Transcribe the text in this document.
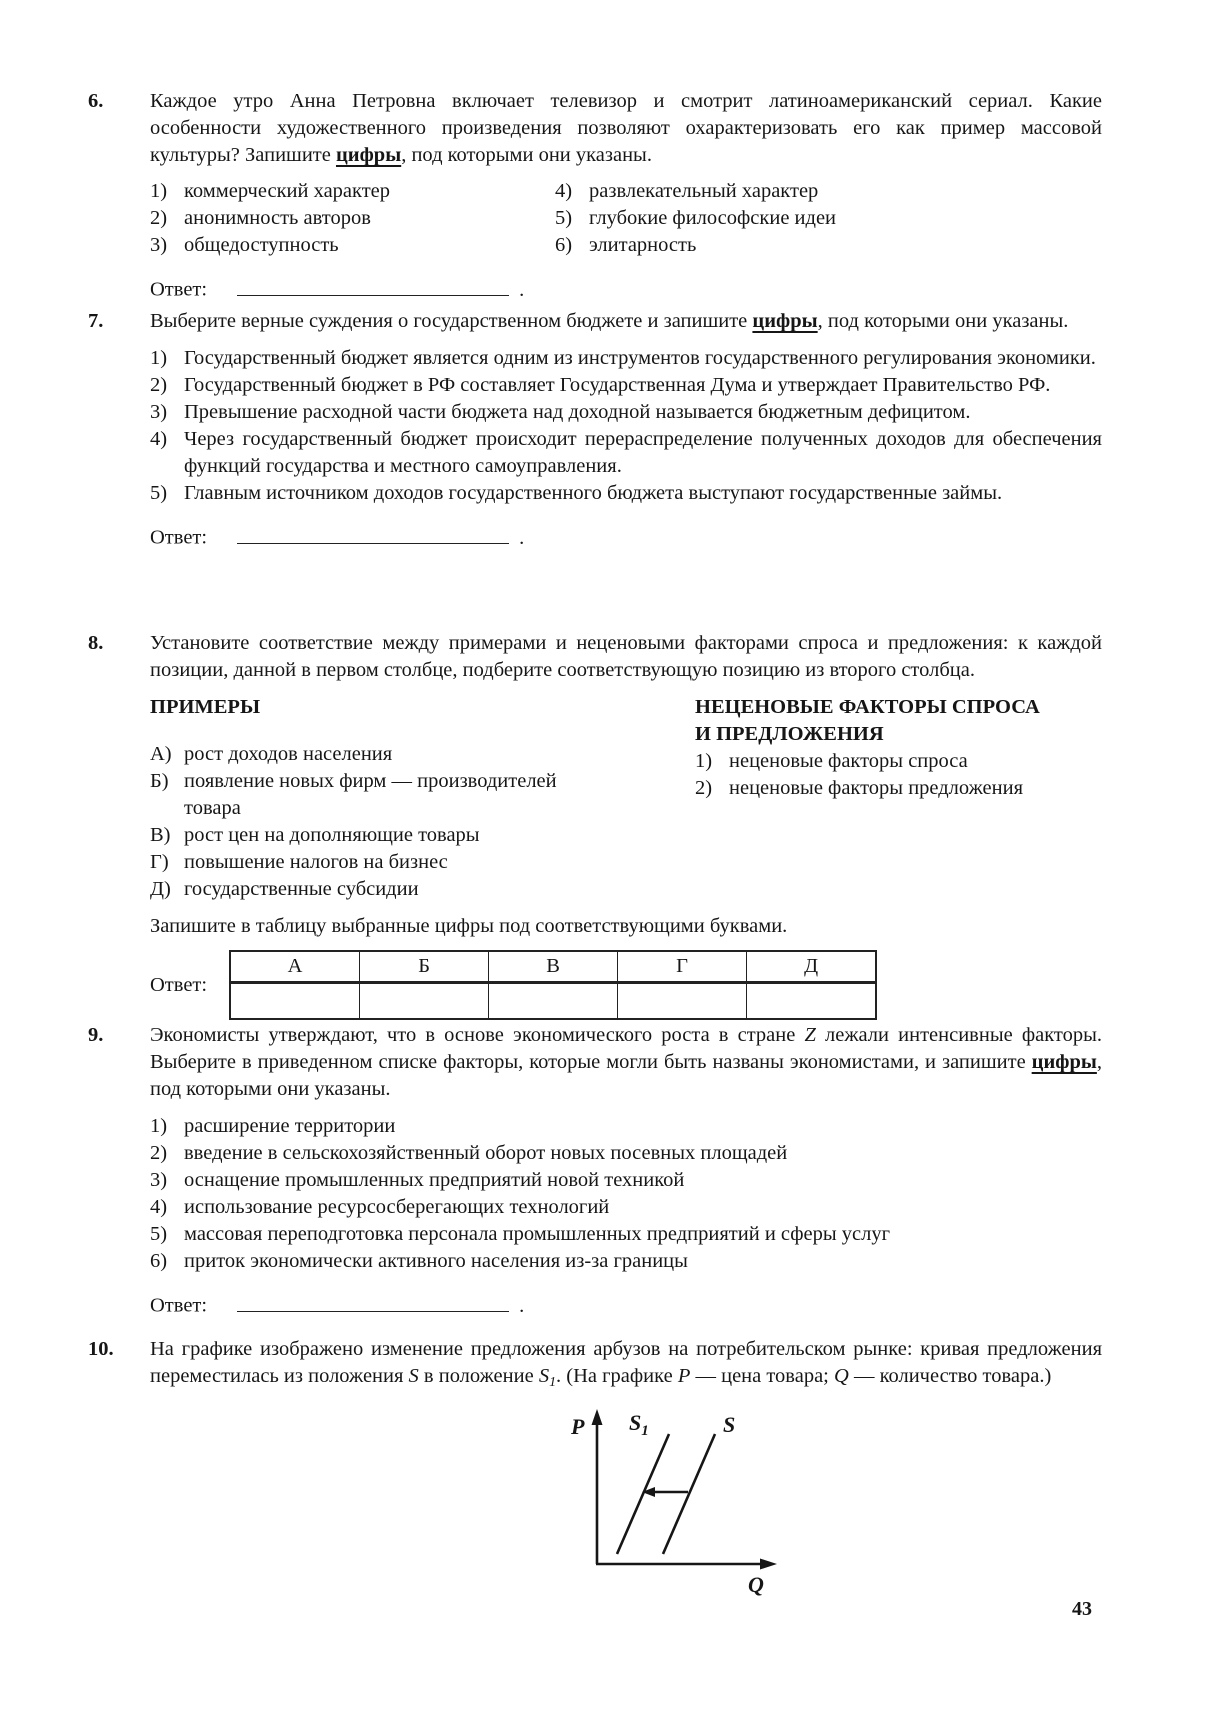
6.	Каждое утро Анна Петровна включает телевизор и смотрит латиноамериканский сериал. Какие особенности художественного произведения позволяют охарактеризовать его как пример массовой культуры? Запишите цифры, под которыми они указаны.

1) коммерческий характер
2) анонимность авторов
3) общедоступность
4) развлекательный характер
5) глубокие философские идеи
6) элитарность
Ответ:	.
7.	Выберите верные суждения о государственном бюджете и запишите цифры, под которыми они указаны.

1) Государственный бюджет является одним из инструментов государственного регулирования экономики.
2) Государственный бюджет в РФ составляет Государственная Дума и утверждает Правительство РФ.
3) Превышение расходной части бюджета над доходной называется бюджетным дефицитом.
4) Через государственный бюджет происходит перераспределение полученных доходов для обеспечения функций государства и местного самоуправления.
5) Главным источником доходов государственного бюджета выступают государственные займы.
Ответ:	.
8.	Установите соответствие между примерами и неценовыми факторами спроса и предложения: к каждой позиции, данной в первом столбце, подберите соответствующую позицию из второго столбца.

ПРИМЕРЫ

А) рост доходов населения
Б) появление новых фирм — производителей товара
В) рост цен на дополняющие товары
Г) повышение налогов на бизнес
Д) государственные субсидии

НЕЦЕНОВЫЕ ФАКТОРЫ СПРОСА

И ПРЕДЛОЖЕНИЯ

1) неценовые факторы спроса
2) неценовые факторы предложения

Запишите в таблицу выбранные цифры под соответствующими буквами.

Ответ:
А	Б	В	Г	Д

9.	Экономисты утверждают, что в основе экономического роста в стране Z лежали интенсивные факторы. Выберите в приведенном списке факторы, которые могли быть названы экономистами, и запишите цифры, под которыми они указаны.

1) расширение территории
2) введение в сельскохозяйственный оборот новых посевных площадей
3) оснащение промышленных предприятий новой техникой
4) использование ресурсосберегающих технологий
5) массовая переподготовка персонала промышленных предприятий и сферы услуг
6) приток экономически активного населения из-за границы
Ответ:	.
10.	На графике изображено изменение предложения арбузов на потребительском рынке: кривая предложения переместилась из положения S в положение $S_1$. (На графике P — цена товара; Q — количество товара.)

P
Q
$S_1$	S
43
